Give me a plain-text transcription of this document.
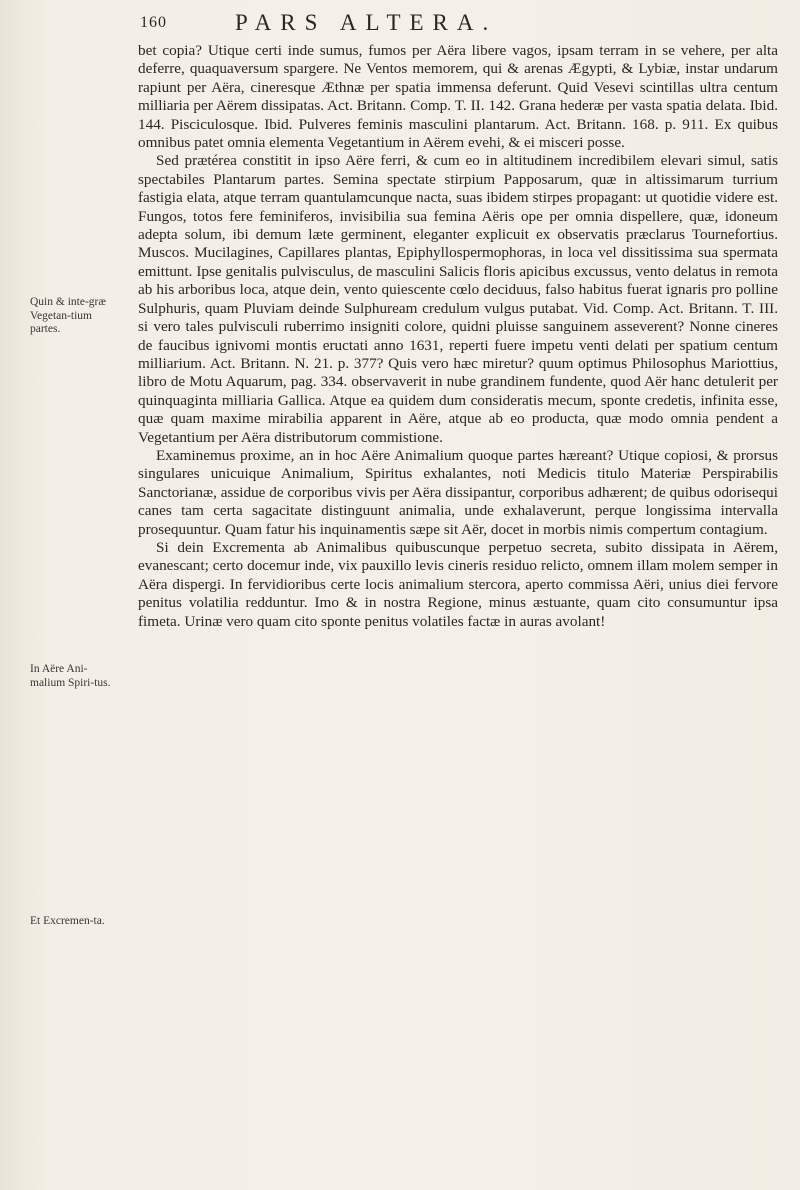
160	PARS ALTERA.
Quin & inte-græ Vegetan-tium partes.
In Aëre Ani-malium Spiri-tus.
Et Excremen-ta.

bet copia? Utique certi inde sumus, fumos per Aëra libere vagos, ipsam terram in se vehere, per alta deferre, quaquaversum spargere. Ne Ventos memorem, qui & arenas Ægypti, & Lybiæ, instar undarum rapiunt per Aëra, cineresque Æthnæ per spatia immensa deferunt. Quid Vesevi scintillas ultra centum milliaria per Aërem dissipatas. Act. Britann. Comp. T. II. 142. Grana hederæ per vasta spatia delata. Ibid. 144. Pisciculosque. Ibid. Pulveres feminis masculini plantarum. Act. Britann. 168. p. 911. Ex quibus omnibus patet omnia elementa Vegetantium in Aërem evehi, & ei misceri posse.

Sed prætérea constitit in ipso Aëre ferri, & cum eo in altitudinem incredibilem elevari simul, satis spectabiles Plantarum partes. Semina spectate stirpium Papposarum, quæ in altissimarum turrium fastigia elata, atque terram quantulamcunque nacta, suas ibidem stirpes propagant: ut quotidie videre est. Fungos, totos fere feminiferos, invisibilia sua femina Aëris ope per omnia dispellere, quæ, idoneum adepta solum, ibi demum læte germinent, eleganter explicuit ex observatis præclarus Tournefortius. Muscos. Mucilagines, Capillares plantas, Epiphyllospermophoras, in loca vel dissitissima sua spermata emittunt. Ipse genitalis pulvisculus, de masculini Salicis floris apicibus excussus, vento delatus in remota ab his arboribus loca, atque dein, vento quiescente cœlo deciduus, falso habitus fuerat ignaris pro polline Sulphuris, quam Pluviam deinde Sulphuream credulum vulgus putabat. Vid. Comp. Act. Britann. T. III. si vero tales pulvisculi ruberrimo insigniti colore, quidni pluisse sanguinem asseverent? Nonne cineres de faucibus ignivomi montis eructati anno 1631, reperti fuere impetu venti delati per spatium centum milliarium. Act. Britann. N. 21. p. 377? Quis vero hæc miretur? quum optimus Philosophus Mariottius, libro de Motu Aquarum, pag. 334. observaverit in nube grandinem fundente, quod Aër hanc detulerit per quinquaginta milliaria Gallica. Atque ea quidem dum consideratis mecum, sponte credetis, infinita esse, quæ quam maxime mirabilia apparent in Aëre, atque ab eo producta, quæ modo omnia pendent a Vegetantium per Aëra distributorum commistione.

Examinemus proxime, an in hoc Aëre Animalium quoque partes hæreant? Utique copiosi, & prorsus singulares unicuique Animalium, Spiritus exhalantes, noti Medicis titulo Materiæ Perspirabilis Sanctorianæ, assidue de corporibus vivis per Aëra dissipantur, corporibus adhærent; de quibus odorisequi canes tam certa sagacitate distinguunt animalia, unde exhalaverunt, perque longissima intervalla prosequuntur. Quam fatur his inquinamentis sæpe sit Aër, docet in morbis nimis compertum contagium.

Si dein Excrementa ab Animalibus quibuscunque perpetuo secreta, subito dissipata in Aërem, evanescant; certo docemur inde, vix pauxillo levis cineris residuo relicto, omnem illam molem semper in Aëra dispergi. In fervidioribus certe locis animalium stercora, aperto commissa Aëri, unius diei fervore penitus volatilia redduntur. Imo & in nostra Regione, minus æstuante, quam cito consumuntur ipsa fimeta. Urinæ vero quam cito sponte penitus volatiles factæ in auras avolant!
